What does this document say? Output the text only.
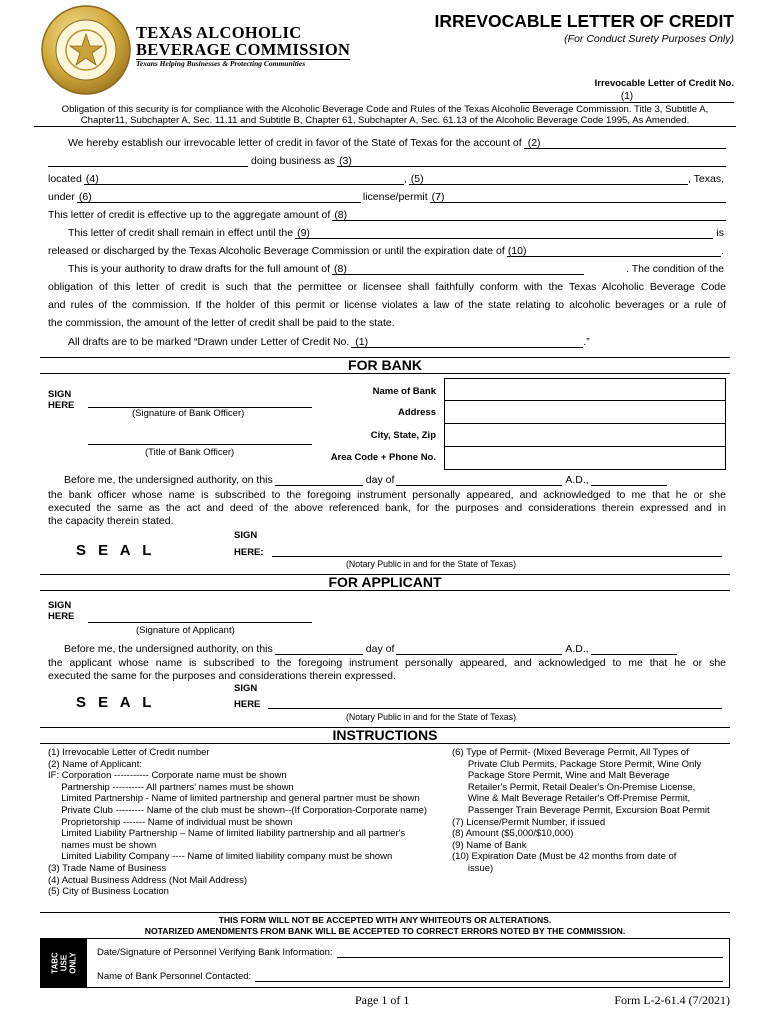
TEXAS ALCOHOLIC
BEVERAGE COMMISSION
Texans Helping Businesses & Protecting Communities
IRREVOCABLE LETTER OF CREDIT
(For Conduct Surety Purposes Only)
Irrevocable Letter of Credit No.
(1)
Obligation of this security is for compliance with the Alcoholic Beverage Code and Rules of the Texas Alcoholic Beverage Commission. Title 3, Subtitle A,
Chapter11, Subchapter A, Sec. 11.11 and Subtitle B, Chapter 61, Subchapter A, Sec. 61.13 of the Alcoholic Beverage Code 1995, As Amended.
We hereby establish our irrevocable letter of credit in favor of the State of Texas for the account of (2)
doing business as (3)
located (4)	, (5)	, Texas,
under (6)	license/permit (7)
This letter of credit is effective up to the aggregate amount of (8)
This letter of credit shall remain in effect until the (9)	is
released or discharged by the Texas Alcoholic Beverage Commission or until the expiration date of (10)	.
This is your authority to draw drafts for the full amount of (8)	. The condition of the
obligation of this letter of credit is such that the permittee or licensee shall faithfully conform with the Texas Alcoholic Beverage Code
and rules of the commission. If the holder of this permit or license violates a law of the state relating to alcoholic beverages or a rule of
the commission, the amount of the letter of credit shall be paid to the state.
All drafts are to be marked “Drawn under Letter of Credit No. (1)	.”
FOR BANK
SIGN
HERE
(Signature of Bank Officer)
(Title of Bank Officer)
Name of Bank
Address
City, State, Zip
Area Code + Phone No.
Before me, the undersigned authority, on this	day of	A.D.,
the bank officer whose name is subscribed to the foregoing instrument personally appeared, and acknowledged to me that he or she
executed the same as the act and deed of the above referenced bank, for the purposes and considerations therein expressed and in
the capacity therein stated.
SIGN
S E A L	HERE:
(Notary Public in and for the State of Texas)
FOR APPLICANT
SIGN
HERE
(Signature of Applicant)
Before me, the undersigned authority, on this	day of	A.D.,
the applicant whose name is subscribed to the foregoing instrument personally appeared, and acknowledged to me that he or she
executed the same for the purposes and considerations therein expressed.
SIGN
S E A L	HERE
(Notary Public in and for the State of Texas)
INSTRUCTIONS
(1) Irrevocable Letter of Credit number
(2) Name of Applicant:
IF: Corporation ----------- Corporate name must be shown
Partnership ---------- All partners' names must be shown
Limited Partnership - Name of limited partnership and general partner must be shown
Private Club --------- Name of the club must be shown--(If Corporation-Corporate name)
Proprietorship ------- Name of individual must be shown
Limited Liability Partnership – Name of limited liability partnership and all partner's
names must be shown
Limited Liability Company ---- Name of limited liability company must be shown
(3) Trade Name of Business
(4) Actual Business Address (Not Mail Address)
(5) City of Business Location
(6) Type of Permit- (Mixed Beverage Permit, All Types of
Private Club Permits, Package Store Permit, Wine Only
Package Store Permit, Wine and Malt Beverage
Retailer's Permit, Retail Dealer's On-Premise License,
Wine & Malt Beverage Retailer's Off-Premise Permit,
Passenger Train Beverage Permit, Excursion Boat Permit
(7) License/Permit Number, if issued
(8) Amount ($5,000/$10,000)
(9) Name of Bank
(10) Expiration Date (Must be 42 months from date of
issue)
THIS FORM WILL NOT BE ACCEPTED WITH ANY WHITEOUTS OR ALTERATIONS.
NOTARIZED AMENDMENTS FROM BANK WILL BE ACCEPTED TO CORRECT ERRORS NOTED BY THE COMMISSION.
TABC USE ONLY Date/Signature of Personnel Verifying Bank Information:
Name of Bank Personnel Contacted:
Page 1 of 1	Form L-2-61.4 (7/2021)
